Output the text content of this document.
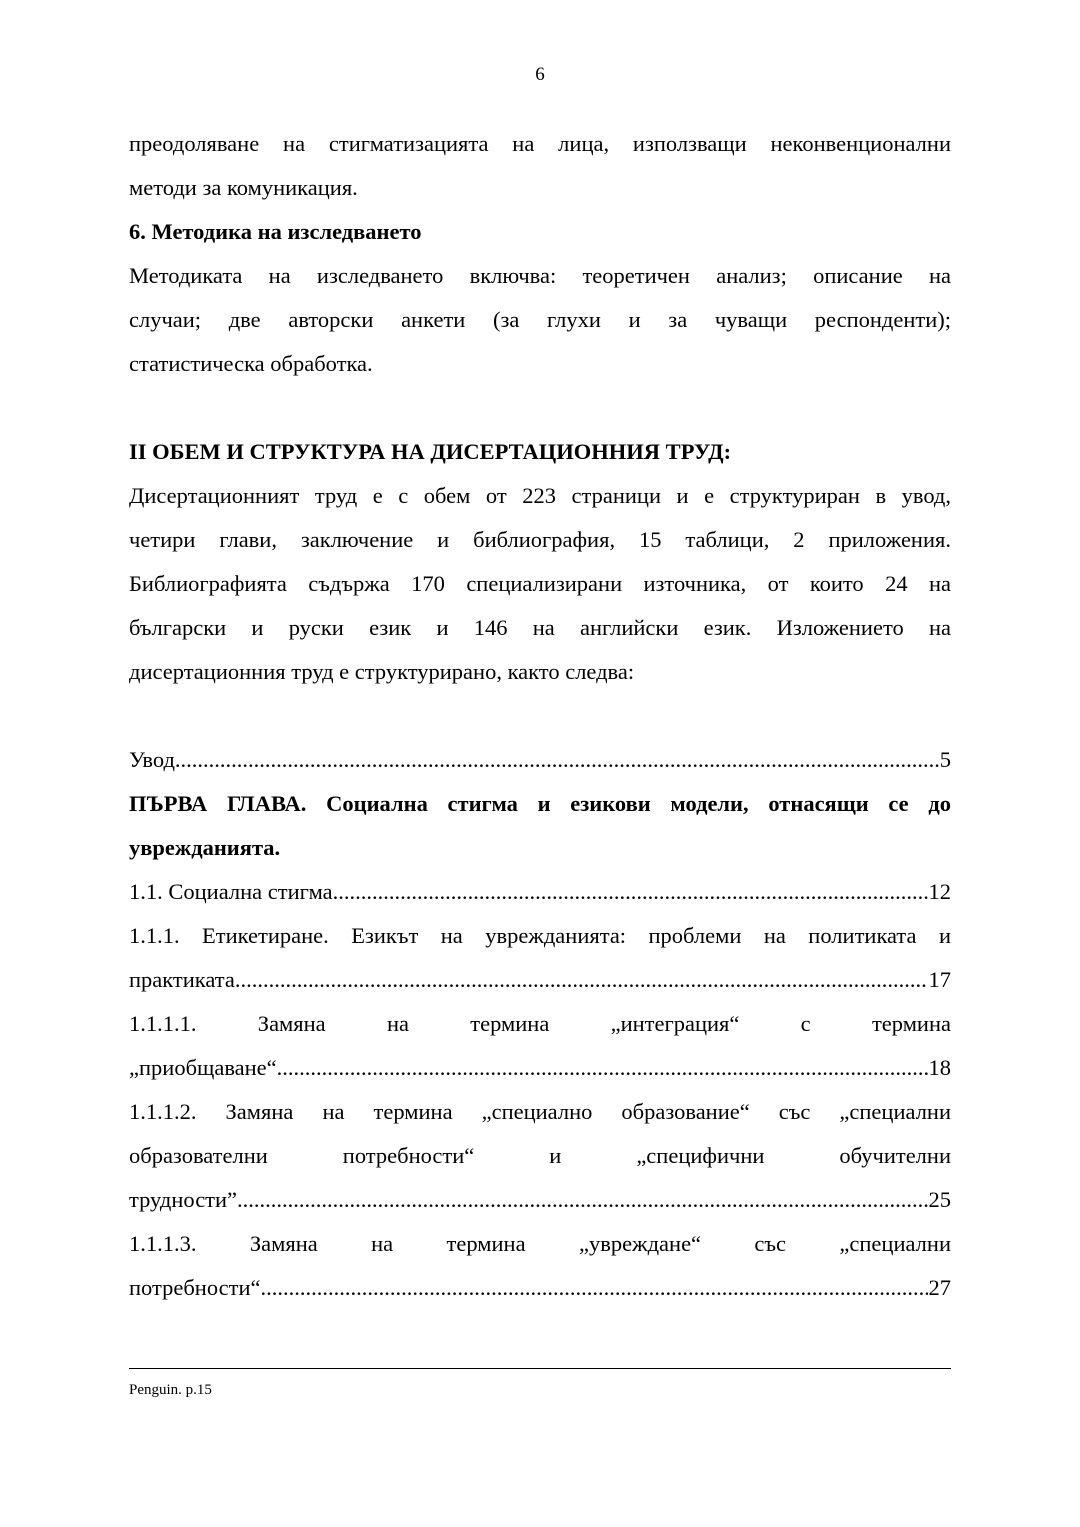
6
преодоляване на стигматизацията на лица, използващи неконвенционални
методи за комуникация.
6. Методика на изследването
Методиката на изследването включва: теоретичен анализ; описание на
случаи; две авторски анкети (за глухи и за чуващи респонденти);
статистическа обработка.
II ОБЕМ И СТРУКТУРА НА ДИСЕРТАЦИОННИЯ ТРУД:
Дисертационният труд е с обем от 223 страници и е структуриран в увод,
четири глави, заключение и библиография, 15 таблици, 2 приложения.
Библиографията съдържа 170 специализирани източника, от които 24 на
български и руски език и 146 на английски език. Изложението на
дисертационния труд е структурирано, както следва:
Увод .....	5
ПЪРВА ГЛАВА. Социална стигма и езикови модели, отнасящи се до
уврежданията.
1.1. Социална стигма .....	12
1.1.1. Етикетиране. Езикът на уврежданията: проблеми на политиката и
практиката .....	17
1.1.1.1. Замяна на термина „интеграция“ с термина
„приобщаване“ .....	18
1.1.1.2. Замяна на термина „специално образование“ със „специални
образователни потребности“ и „специфични обучителни
трудности” .....	25
1.1.1.3. Замяна на термина „увреждане“ със „специални
потребности“ .....	27
Penguin. p.15
